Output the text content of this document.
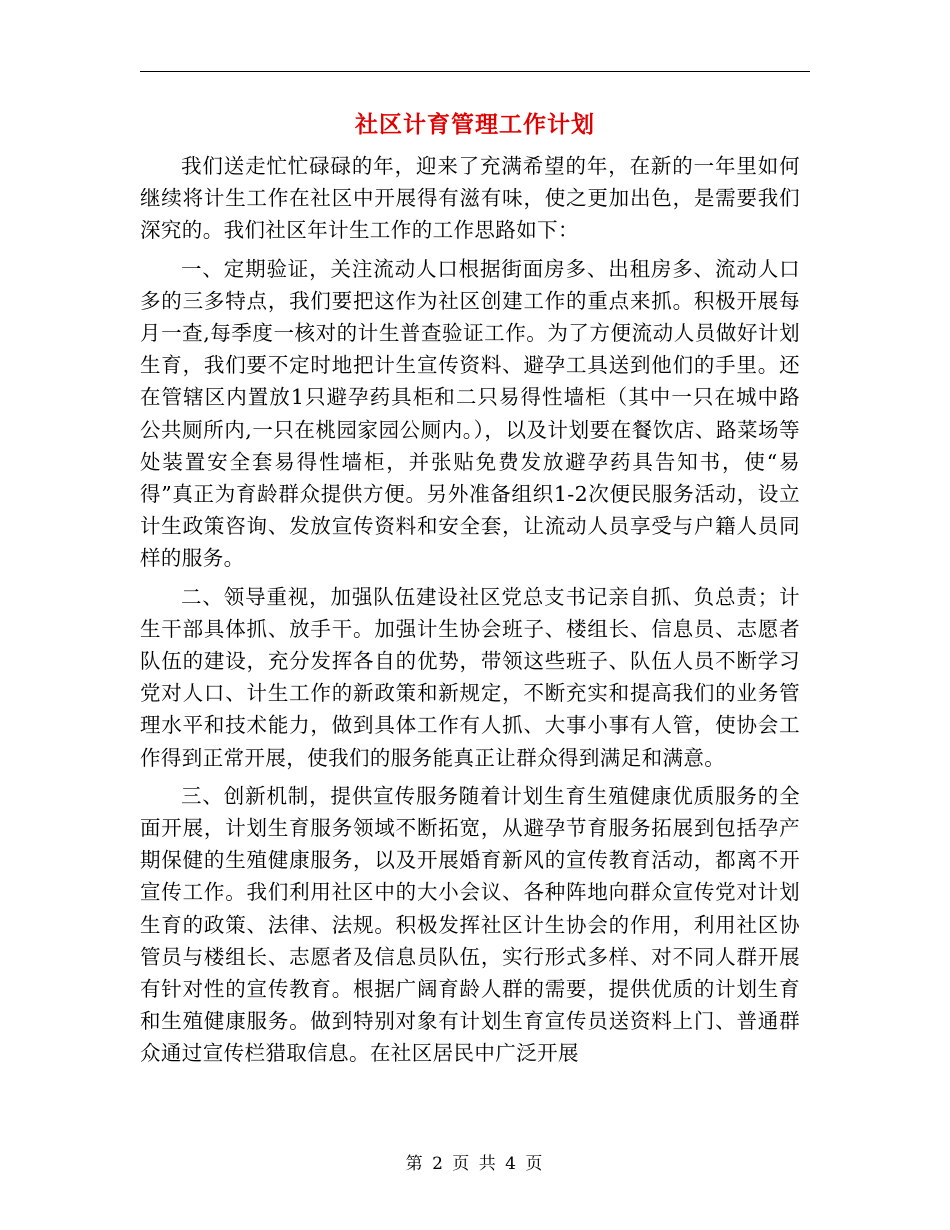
社区计育管理工作计划

我们送走忙忙碌碌的年，迎来了充满希望的年，在新的一年里如何继续将计生工作在社区中开展得有滋有味，使之更加出色，是需要我们深究的。我们社区年计生工作的工作思路如下：

一、定期验证，关注流动人口根据街面房多、出租房多、流动人口多的三多特点，我们要把这作为社区创建工作的重点来抓。积极开展每月一查,每季度一核对的计生普查验证工作。为了方便流动人员做好计划生育，我们要不定时地把计生宣传资料、避孕工具送到他们的手里。还在管辖区内置放1只避孕药具柜和二只易得性墙柜（其中一只在城中路公共厕所内,一只在桃园家园公厕内。），以及计划要在餐饮店、路菜场等处装置安全套易得性墙柜，并张贴免费发放避孕药具告知书，使“易得”真正为育龄群众提供方便。另外准备组织1-2次便民服务活动，设立计生政策咨询、发放宣传资料和安全套，让流动人员享受与户籍人员同样的服务。

二、领导重视，加强队伍建设社区党总支书记亲自抓、负总责；计生干部具体抓、放手干。加强计生协会班子、楼组长、信息员、志愿者队伍的建设，充分发挥各自的优势，带领这些班子、队伍人员不断学习党对人口、计生工作的新政策和新规定，不断充实和提高我们的业务管理水平和技术能力，做到具体工作有人抓、大事小事有人管，使协会工作得到正常开展，使我们的服务能真正让群众得到满足和满意。

三、创新机制，提供宣传服务随着计划生育生殖健康优质服务的全面开展，计划生育服务领域不断拓宽，从避孕节育服务拓展到包括孕产期保健的生殖健康服务，以及开展婚育新风的宣传教育活动，都离不开宣传工作。我们利用社区中的大小会议、各种阵地向群众宣传党对计划生育的政策、法律、法规。积极发挥社区计生协会的作用，利用社区协管员与楼组长、志愿者及信息员队伍，实行形式多样、对不同人群开展有针对性的宣传教育。根据广阔育龄人群的需要，提供优质的计划生育和生殖健康服务。做到特别对象有计划生育宣传员送资料上门、普通群众通过宣传栏猎取信息。在社区居民中广泛开展

第 2 页 共 4 页
